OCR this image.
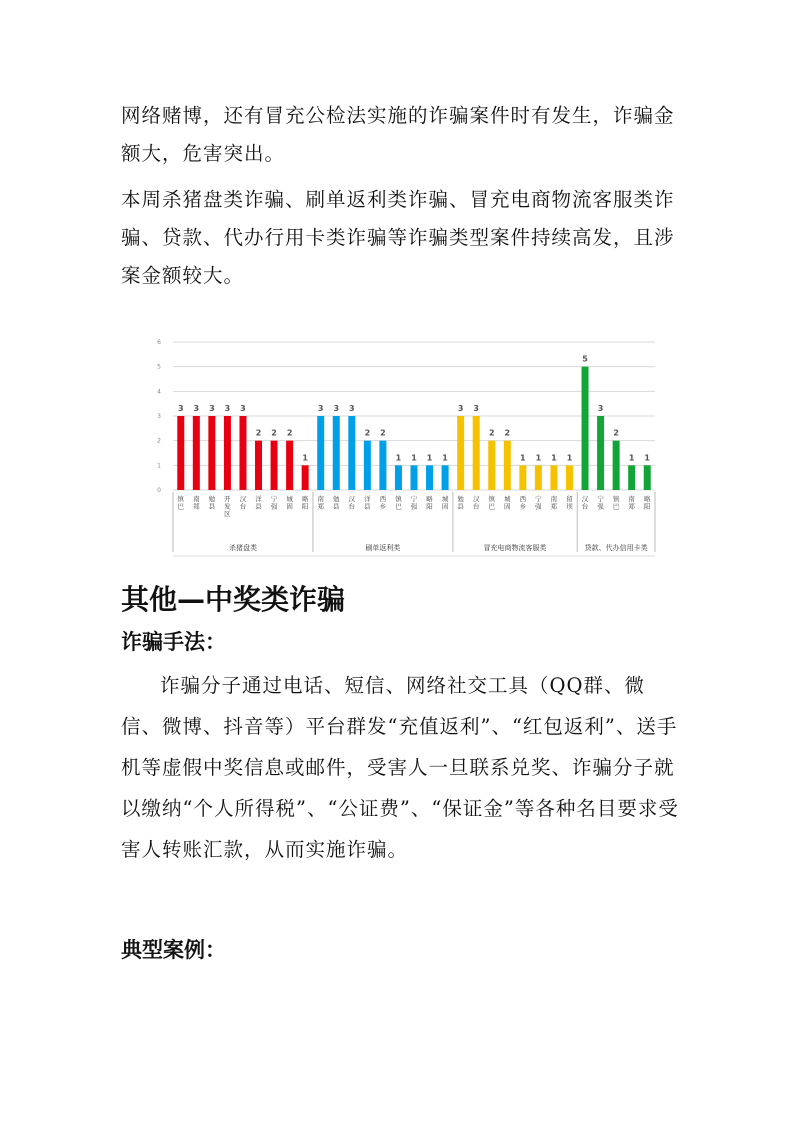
网络赌博，还有冒充公检法实施的诈骗案件时有发生，诈骗金额大，危害突出。

本周杀猪盘类诈骗、刷单返利类诈骗、冒充电商物流客服类诈骗、贷款、代办行用卡类诈骗等诈骗类型案件持续高发，且涉案金额较大。

0
1
2
3
4
5
6
3
镇
巴
3
南
郑
3
勉
县
3
开
发
区
3
汉
台
2
洋
县
2
宁
强
2
城
固
1
略
阳
杀猪盘类
3
南
郑
3
勉
县
3
汉
台
2
洋
县
2
西
乡
1
镇
巴
1
宁
强
1
略
阳
1
城
固
刷单返利类
3
勉
县
3
汉
台
2
镇
巴
2
城
固
1
西
乡
1
宁
强
1
南
郑
1
留
坝
冒充电商物流客服类
5
汉
台
3
宁
强
2
镇
巴
1
南
郑
1
略
阳
贷款、代办信用卡类
其他—中奖类诈骗
诈骗手法：

诈骗分子通过电话、短信、网络社交工具（QQ群、微信、微博、抖音等）平台群发“充值返利”、“红包返利”、送手机等虚假中奖信息或邮件，受害人一旦联系兑奖、诈骗分子就以缴纳“个人所得税”、“公证费”、“保证金”等各种名目要求受害人转账汇款，从而实施诈骗。

典型案例：
